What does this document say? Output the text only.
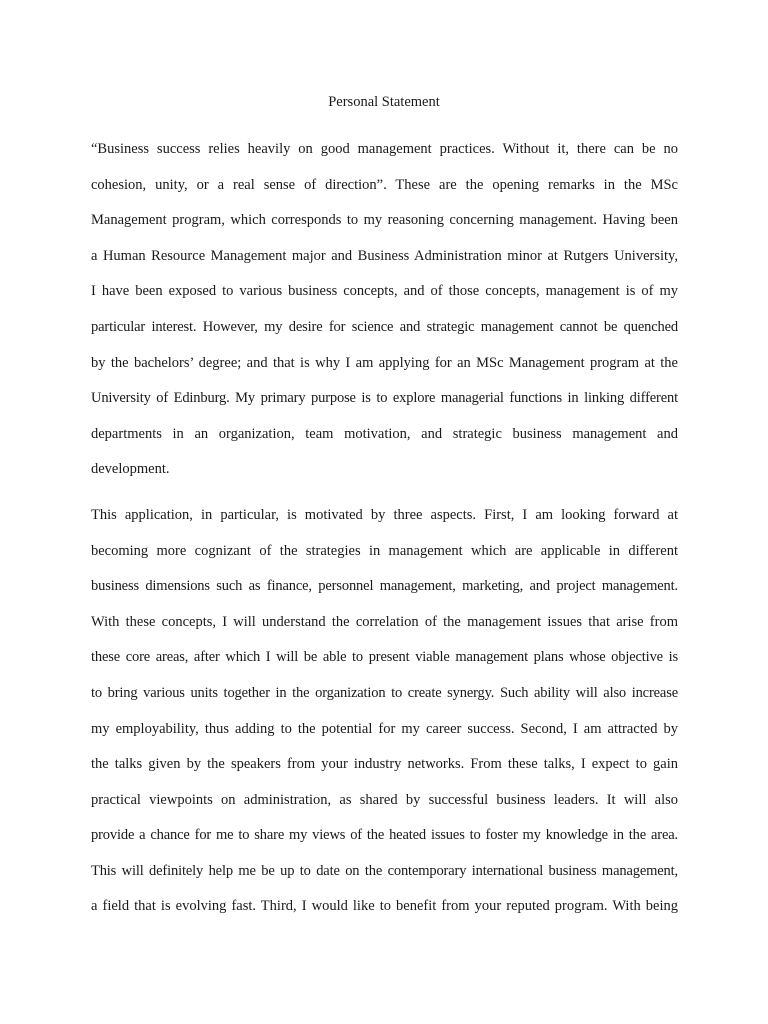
Personal Statement
“Business success relies heavily on good management practices. Without it, there can be no
cohesion, unity, or a real sense of direction”. These are the opening remarks in the MSc
Management program, which corresponds to my reasoning concerning management. Having been
a Human Resource Management major and Business Administration minor at Rutgers University,
I have been exposed to various business concepts, and of those concepts, management is of my
particular interest. However, my desire for science and strategic management cannot be quenched
by the bachelors’ degree; and that is why I am applying for an MSc Management program at the
University of Edinburg. My primary purpose is to explore managerial functions in linking different
departments in an organization, team motivation, and strategic business management and
development.
This application, in particular, is motivated by three aspects. First, I am looking forward at
becoming more cognizant of the strategies in management which are applicable in different
business dimensions such as finance, personnel management, marketing, and project management.
With these concepts, I will understand the correlation of the management issues that arise from
these core areas, after which I will be able to present viable management plans whose objective is
to bring various units together in the organization to create synergy. Such ability will also increase
my employability, thus adding to the potential for my career success. Second, I am attracted by
the talks given by the speakers from your industry networks. From these talks, I expect to gain
practical viewpoints on administration, as shared by successful business leaders. It will also
provide a chance for me to share my views of the heated issues to foster my knowledge in the area.
This will definitely help me be up to date on the contemporary international business management,
a field that is evolving fast. Third, I would like to benefit from your reputed program. With being
